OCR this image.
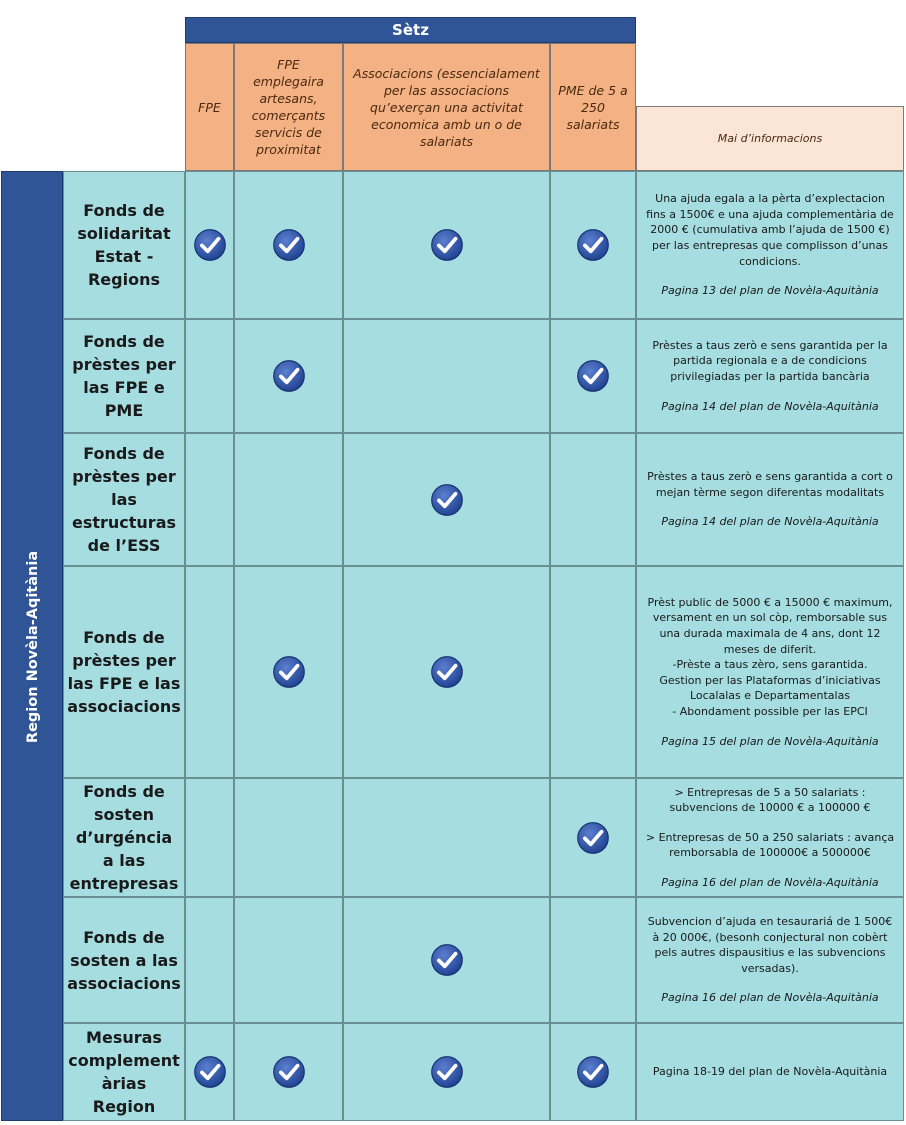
Sètz
FPE
FPE emplegaira artesans, comerçants servicis de proximitat
Associacions (essencialament per las associacions qu’exerçan una activitat economica amb un o de salariats
PME de 5 a 250 salariats
Mai d’informacions
Region Novèla-Aqitània
Fonds de solidaritat Estat - Regions

Una ajuda egala a la pèrta d’explectacion fins a 1500€ e una ajuda complementària de 2000 € (cumulativa amb l’ajuda de 1500 €) per las entrepresas que complisson d’unas condicions.

Pagina 13 del plan de Novèla-Aquitània

Fonds de prèstes per las FPE e PME

Prèstes a taus zerò e sens garantida per la partida regionala e a de condicions privilegiadas per la partida bancària

Pagina 14 del plan de Novèla-Aquitània

Fonds de prèstes per las estructuras de l’ESS

Prèstes a taus zerò e sens garantida a cort o mejan tèrme segon diferentas modalitats

Pagina 14 del plan de Novèla-Aquitània

Fonds de prèstes per las FPE e las associacions

Prèst public de 5000 € a 15000 € maximum, versament en un sol còp, remborsable sus una durada maximala de 4 ans, dont 12 meses de diferit.

-Prèste a taus zèro, sens garantida.

Gestion per las Plataformas d’iniciativas Localalas e Departamentalas

- Abondament possible per las EPCI

Pagina 15 del plan de Novèla-Aquitània

Fonds de sosten d’urgéncia a las entrepresas

> Entrepresas de 5 a 50 salariats : subvencions de 10000 € a 100000 €

> Entrepresas de 50 a 250 salariats : avança remborsabla de 100000€ a 500000€

Pagina 16 del plan de Novèla-Aquitània

Fonds de sosten a las associacions

Subvencion d’ajuda en tesaurariá de 1 500€ à 20 000€, (besonh conjectural non cobèrt pels autres dispausitius e las subvencions versadas).

Pagina 16 del plan de Novèla-Aquitània

Mesuras complement àrias Region

Pagina 18-19 del plan de Novèla-Aquitània
